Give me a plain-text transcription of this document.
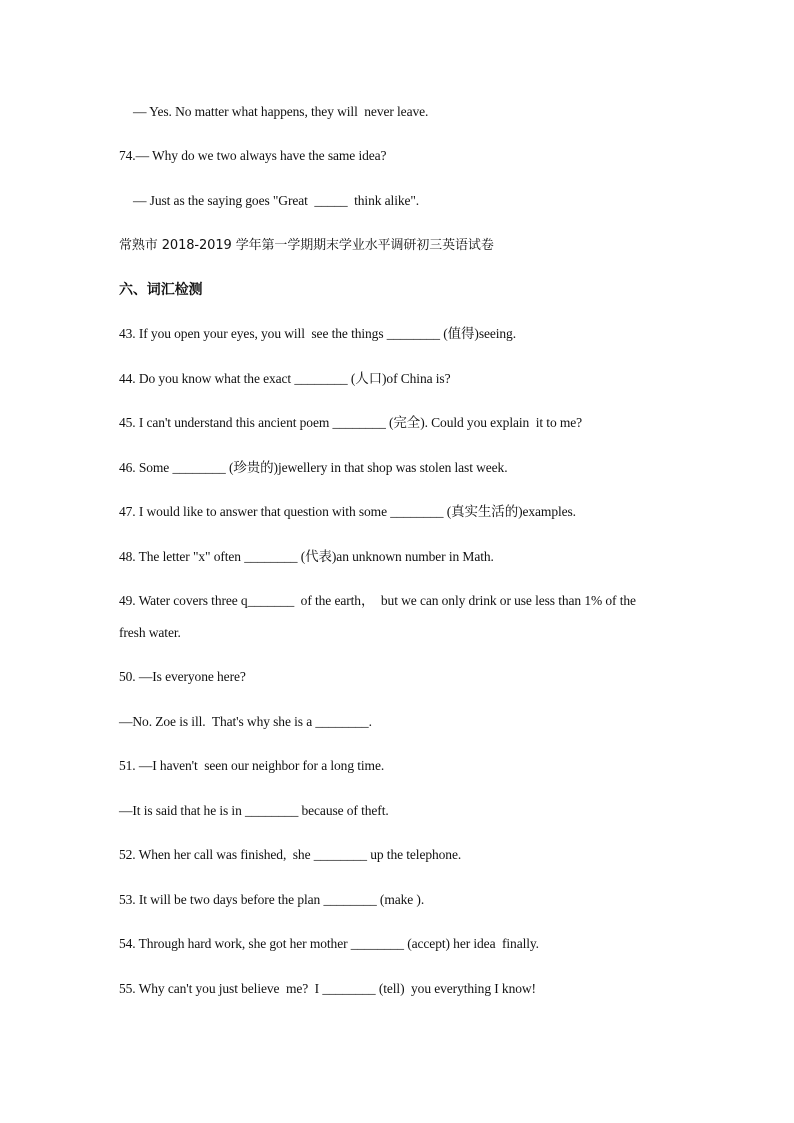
— Yes. No matter what happens, they will  never leave.
74.— Why do we two always have the same idea?
— Just as the saying goes "Great  _____  think alike".
常熟市 2018-2019 学年第一学期期末学业水平调研初三英语试卷
六、词汇检测
43. If you open your eyes, you will  see the things ________ (值得)seeing.
44. Do you know what the exact ________ (人口)of China is?
45. I can't understand this ancient poem ________ (完全). Could you explain  it to me?
46. Some ________ (珍贵的)jewellery in that shop was stolen last week.
47. I would like to answer that question with some ________ (真实生活的)examples.
48. The letter "x" often ________ (代表)an unknown number in Math.
49. Water covers three q_______  of the earth，  but we can only drink or use less than 1% of the
fresh water.
50. —Is everyone here?
—No. Zoe is ill.  That's why she is a ________.
51. —I haven't  seen our neighbor for a long time.
—It is said that he is in ________ because of theft.
52. When her call was finished,  she ________ up the telephone.
53. It will be two days before the plan ________ (make ).
54. Through hard work, she got her mother ________ (accept) her idea  finally.
55. Why can't you just believe  me?  I ________ (tell)  you everything I know!
